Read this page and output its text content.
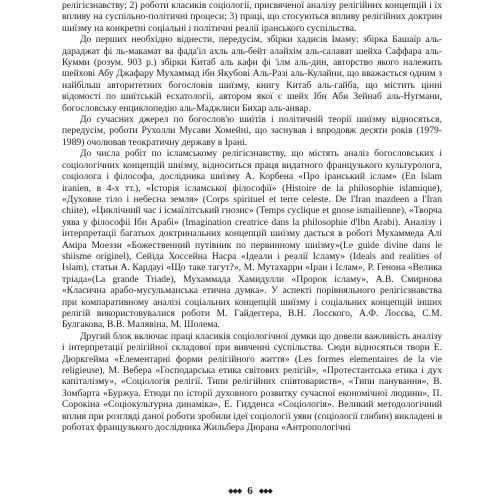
релігієзнавству; 2) роботи класиків соціології, присвяченої аналізу релігійних концепцій і їх впливу на суспільно-політичні процеси; 3) праці, що стосуються впливу релігійних доктрин шиїзму на конкретні соціальні і політичні реалії іранського суспільства.

До перших необхідно віднести, передусім, збірки хадисів Імаму: збірка Башаїр аль-дараджат фі ль-макамат ва фада'іл ахль аль-бейт алайхім аль-салават шейха Саффара аль-Кумми (розум. 903 р.) збірки Китаб аль кафи фі 'ілм аль-дин, авторство якого належить шейхові Абу Джафару Мухаммад ібн Якубові Аль-Разі аль-Кулайни, що вважається одним з найбільш авторитетних богословів шиїзму, книгу Китаб аль-гайба, що містить цінні відомості по шиїтській есхатології, автором якої є шейх Ібн Аби Зейнаб аль-Нугмани, богословську енциклопедію аль-Маджлиси Бихар аль-анвар.

До сучасних джерел по богослов'ю шиїтів і політичній теорії шиїзму відносяться, передусім, роботи Рухолли Мусави Хомейні, що заснував і впродовж десяти років (1979-1989) очолював теократичну державу в Ірані.

До числа робіт по ісламському релігієзнавству, що містять аналіз богословських і соціологічних концепцій шиїзму, відноситься праця видатного французького культуролога, соціолога і філософа, дослідника шиїзму А. Корбена «Про іранський іслам» (En Islam iranien, в 4-х тт.), «Історія ісламської філософії» (Histoire de la philosophie islamique), «Духовне тіло і небесна земля» (Corps spirituel et terre celeste. De l'Iran mazdeen a l'Iran chiite), «Циклічний час і ісмаїлітський гнозис» (Temps cyclique et gnose ismailienne), «Творча уява у філософії Ібн Арабі» (Imagination creatrice dans la philosophie d'Ibn Arabi). Аналізу і інтерпретації багатьох доктринальних концепцій шиїзму дається в роботі Мухаммеда Алі Аміра Моеззи «Божественний путівник по первинному шиїзму»(Le guide divine dans le shiisme originel), Сейіда Хоссейна Насра «Ідеали і реалії Ісламу» (Ideals and realities of Islam), статьи А. Кардауі «Що таке тагут?», М. Мутахарри «Іран і Іслам», Р. Генона «Велика тріада»(La grande Triade), Мухаммада Хамидулли «Пророк ісламу», А.В. Смирнова «Класична арабо-мусульманська етична думка». У аспекті порівняльного релігієзнавства при компаративному аналізі соціальних концепцій шиїзму і соціальних концепцій інших релігій використовувалися роботи М. Гайдеггера, В.Н. Лосского, А.Ф. Лосєва, С.М. Булгакова, В.В. Малявіна, М. Шолема.

Другий блок включає праці класиків соціологічної думки що довели важливість аналізу і інтерпретації релігійної складової при вивченні суспільства. Сюди відносяться твори Е. Дюркгейма «Елементарні форми релігійного життя» (Les formes elementaires de la vie religieuse), М. Вебера «Господарська етика світових релігій», «Протестантська етика і дух капіталізму», «Соціологія релігії. Типи релігійних співтовариств», «Типи панування», В. Зомбарта «Буржуа. Етюди по історії духовного розвитку сучасної економічної людини», П. Сорокіна «Соціокультурна динаміка», Е. Гидденса «Соціологія». Великий методологічний вплив при розгляді даної роботи зробили ідеї соціології уяви (соціології глибин) викладені в роботах французького дослідника Жильбера Дюрана «Антропологічні

◆◆◆ 6 ◆◆◆
